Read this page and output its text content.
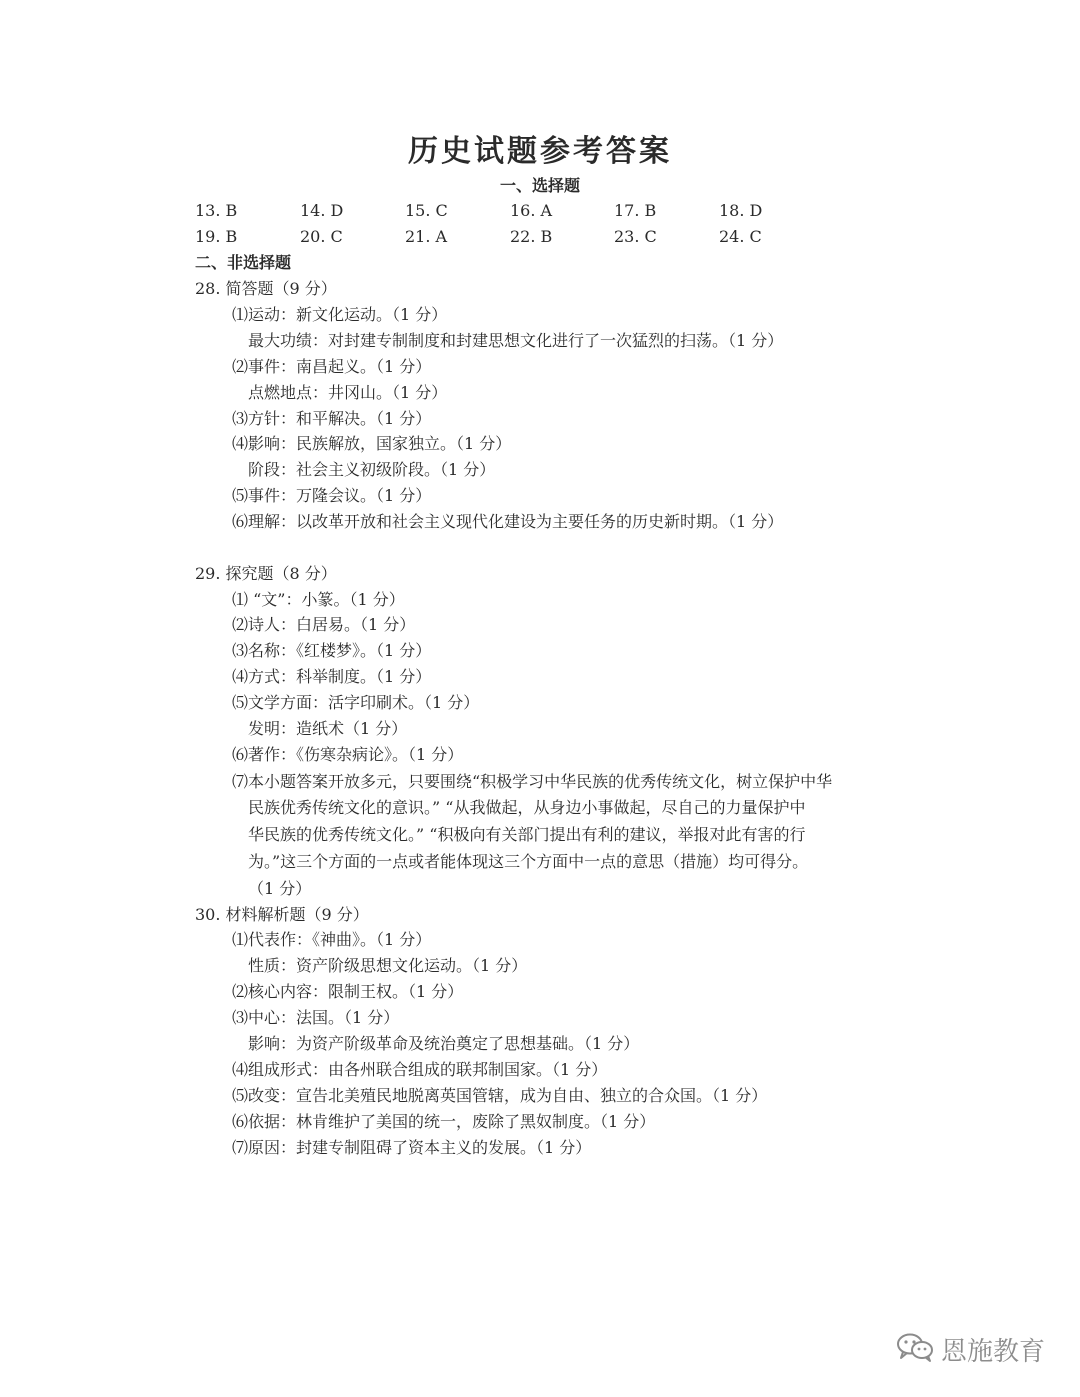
历史试题参考答案
一、选择题
13. B	14. D	15. C	16. A	17. B	18. D
19. B	20. C	21. A	22. B	23. C	24. C
二、非选择题
28. 简答题（9 分）
⑴运动：新文化运动。（1 分）
最大功绩：对封建专制制度和封建思想文化进行了一次猛烈的扫荡。（1 分）
⑵事件：南昌起义。（1 分）
点燃地点：井冈山。（1 分）
⑶方针：和平解决。（1 分）
⑷影响：民族解放，国家独立。（1 分）
阶段：社会主义初级阶段。（1 分）
⑸事件：万隆会议。（1 分）
⑹理解：以改革开放和社会主义现代化建设为主要任务的历史新时期。（1 分）
29. 探究题（8 分）
⑴ “文”：小篆。（1 分）
⑵诗人：白居易。（1 分）
⑶名称：《红楼梦》。（1 分）
⑷方式：科举制度。（1 分）
⑸文学方面：活字印刷术。（1 分）
发明：造纸术（1 分）
⑹著作：《伤寒杂病论》。（1 分）
⑺本小题答案开放多元，只要围绕“积极学习中华民族的优秀传统文化，树立保护中华
民族优秀传统文化的意识。” “从我做起，从身边小事做起，尽自己的力量保护中
华民族的优秀传统文化。” “积极向有关部门提出有利的建议，举报对此有害的行
为。”这三个方面的一点或者能体现这三个方面中一点的意思（措施）均可得分。
（1 分）
30. 材料解析题（9 分）
⑴代表作：《神曲》。（1 分）
性质：资产阶级思想文化运动。（1 分）
⑵核心内容：限制王权。（1 分）
⑶中心：法国。（1 分）
影响：为资产阶级革命及统治奠定了思想基础。（1 分）
⑷组成形式：由各州联合组成的联邦制国家。（1 分）
⑸改变：宣告北美殖民地脱离英国管辖，成为自由、独立的合众国。（1 分）
⑹依据：林肯维护了美国的统一，废除了黑奴制度。（1 分）
⑺原因：封建专制阻碍了资本主义的发展。（1 分）
恩施教育
